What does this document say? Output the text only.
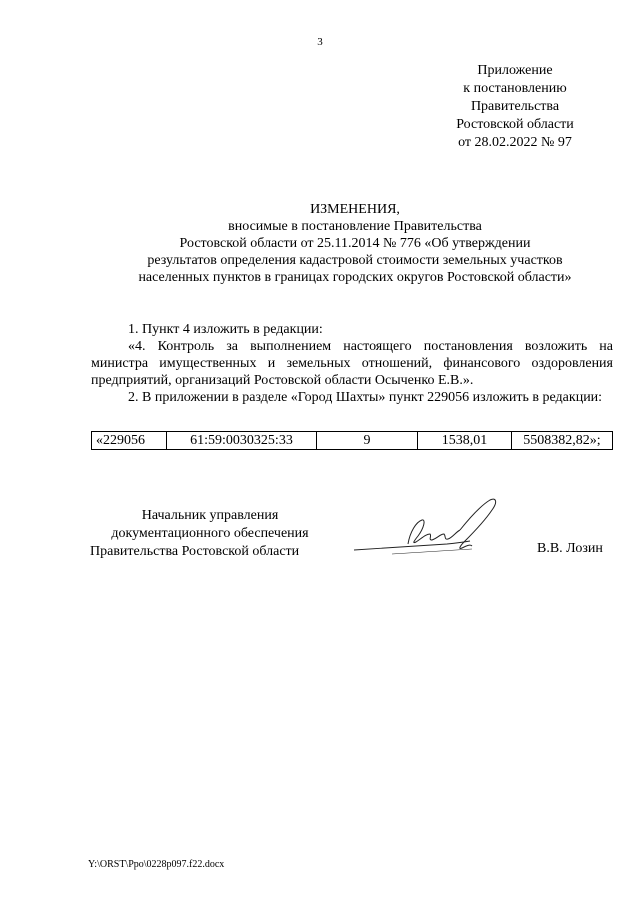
3
Приложение
к постановлению
Правительства
Ростовской области
от 28.02.2022 № 97
ИЗМЕНЕНИЯ,
вносимые в постановление Правительства
Ростовской области от 25.11.2014 № 776 «Об утверждении
результатов определения кадастровой стоимости земельных участков
населенных пунктов в границах городских округов Ростовской области»
1. Пункт 4 изложить в редакции:
«4. Контроль за выполнением настоящего постановления возложить на министра имущественных и земельных отношений, финансового оздоровления предприятий, организаций Ростовской области Осыченко Е.В.».
2. В приложении в разделе «Город Шахты» пункт 229056 изложить в редакции:
«229056	61:59:0030325:33	9	1538,01	5508382,82»;
Начальник управления
документационного обеспечения
Правительства Ростовской области	В.В. Лозин
Y:\ORST\Ppo\0228p097.f22.docx
